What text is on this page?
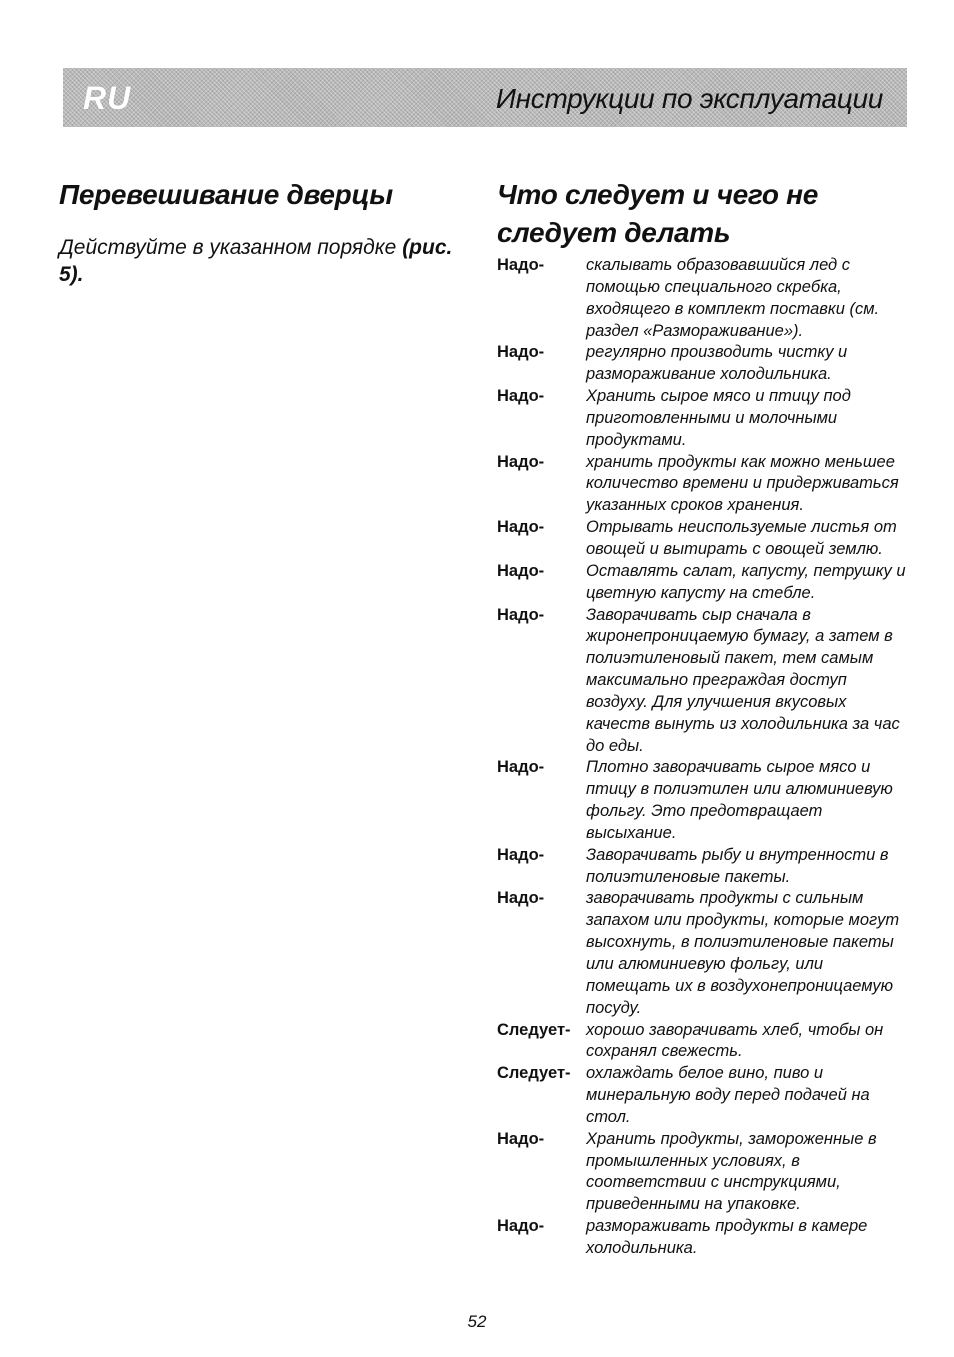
RU	Инструкции по эксплуатации
Перевешивание дверцы

Действуйте в указанном порядке (рис. 5).

Что следует и чего не следует делать
Надо-	скалывать образовавшийся лед с помощью специального скребка, входящего в комплект поставки (см. раздел «Размораживание»).
Надо-	регулярно производить чистку и размораживание холодильника.
Надо-	Хранить сырое мясо и птицу под приготовленными и молочными продуктами.
Надо-	хранить продукты как можно меньшее количество времени и придерживаться указанных сроков хранения.
Надо-	Отрывать неиспользуемые листья от овощей и вытирать с овощей землю.
Надо-	Оставлять салат, капусту, петрушку и цветную капусту на стебле.
Надо-	Заворачивать сыр сначала в жиронепроницаемую бумагу, а затем в полиэтиленовый пакет, тем самым максимально преграждая доступ воздуху. Для улучшения вкусовых качеств вынуть из холодильника за час до еды.
Надо-	Плотно заворачивать сырое мясо и птицу в полиэтилен или алюминиевую фольгу. Это предотвращает высыхание.
Надо-	Заворачивать рыбу и внутренности в полиэтиленовые пакеты.
Надо-	заворачивать продукты с сильным запахом или продукты, которые могут высохнуть, в полиэтиленовые пакеты или алюминиевую фольгу, или помещать их в воздухонепроницаемую посуду.
Следует- хорошо заворачивать хлеб, чтобы он сохранял свежесть.
Следует- охлаждать белое вино, пиво и минеральную воду перед подачей на стол.
Надо-	Хранить продукты, замороженные в промышленных условиях, в соответствии с инструкциями, приведенными на упаковке.
Надо-	размораживать продукты в камере холодильника.
52
